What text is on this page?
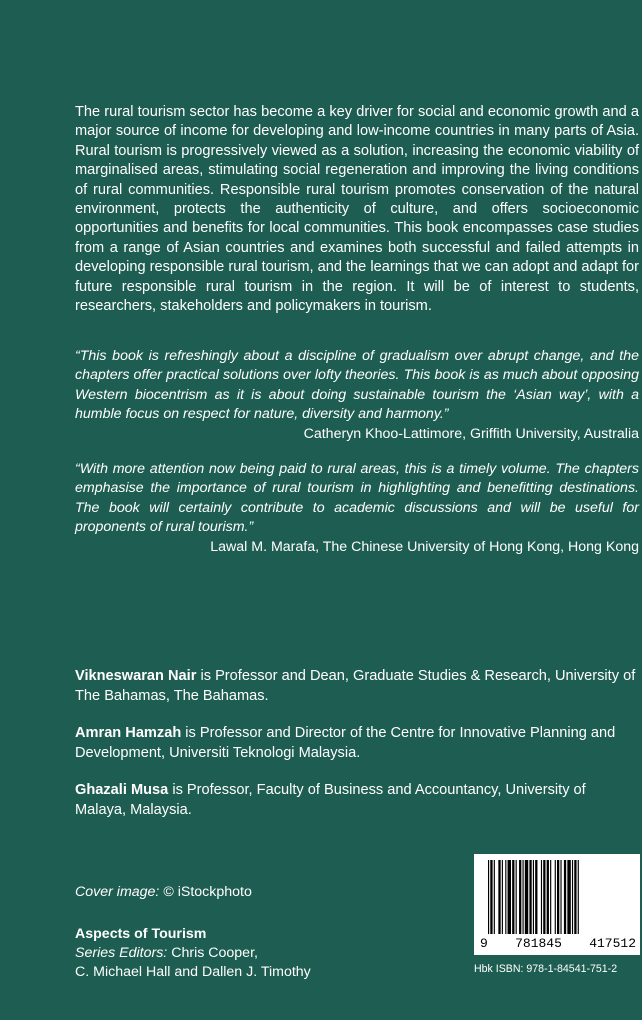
The rural tourism sector has become a key driver for social and economic growth and a major source of income for developing and low-income countries in many parts of Asia. Rural tourism is progressively viewed as a solution, increasing the economic viability of marginalised areas, stimulating social regeneration and improving the living conditions of rural communities. Responsible rural tourism promotes conservation of the natural environment, protects the authenticity of culture, and offers socioeconomic opportunities and benefits for local communities. This book encompasses case studies from a range of Asian countries and examines both successful and failed attempts in developing responsible rural tourism, and the learnings that we can adopt and adapt for future responsible rural tourism in the region. It will be of interest to students, researchers, stakeholders and policymakers in tourism.

“This book is refreshingly about a discipline of gradualism over abrupt change, and the chapters offer practical solutions over lofty theories. This book is as much about opposing Western biocentrism as it is about doing sustainable tourism the ‘Asian way’, with a humble focus on respect for nature, diversity and harmony.”

Catheryn Khoo-Lattimore, Griffith University, Australia

“With more attention now being paid to rural areas, this is a timely volume. The chapters emphasise the importance of rural tourism in highlighting and benefitting destinations. The book will certainly contribute to academic discussions and will be useful for proponents of rural tourism.”

Lawal M. Marafa, The Chinese University of Hong Kong, Hong Kong

Vikneswaran Nair is Professor and Dean, Graduate Studies & Research, University of The Bahamas, The Bahamas.

Amran Hamzah is Professor and Director of the Centre for Innovative Planning and Development, Universiti Teknologi Malaysia.

Ghazali Musa is Professor, Faculty of Business and Accountancy, University of Malaya, Malaysia.

Cover image: © iStockphoto
Aspects of Tourism
Series Editors: Chris Cooper,
C. Michael Hall and Dallen J. Timothy
9 781845 417512
Hbk ISBN: 978-1-84541-751-2
